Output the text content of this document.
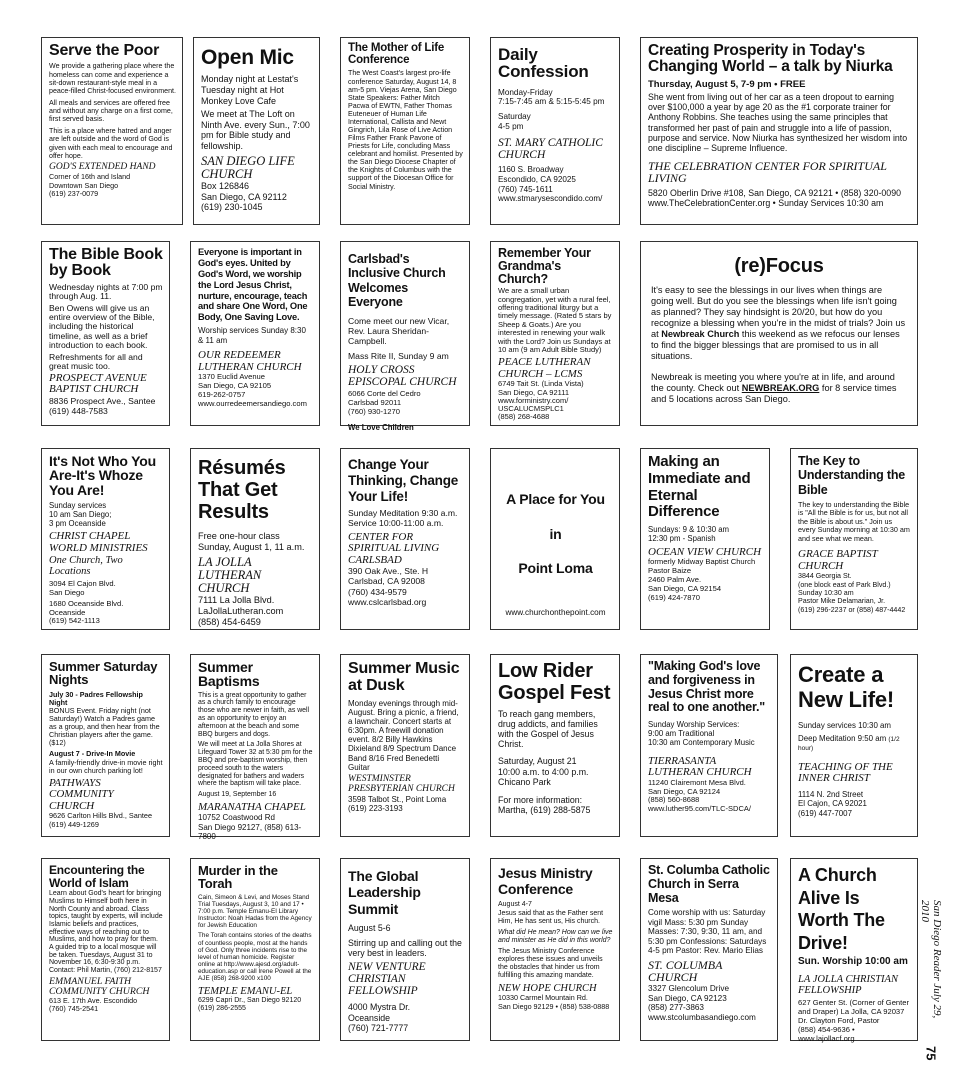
Serve the Poor

We provide a gathering place where the homeless can come and experience a sit-down restaurant-style meal in a peace-filled Christ-focused environment.

All meals and services are offered free and without any charge on a first come, first served basis.

This is a place where hatred and anger are left outside and the word of God is given with each meal to encourage and offer hope.

GOD'S EXTENDED HAND
Corner of 16th and Island
Downtown San Diego
(619) 237-0079
Open Mic

Monday night at Lestat's Tuesday night at Hot Monkey Love Cafe

We meet at The Loft on Ninth Ave. every Sun., 7:00 pm for Bible study and fellowship.

SAN DIEGO LIFE CHURCH
Box 126846
San Diego, CA 92112
(619) 230-1045
The Mother of Life Conference
The West Coast's largest pro-life conference Saturday, August 14, 8 am-5 pm. Viejas Arena, San Diego State Speakers: Father Mitch Pacwa of EWTN, Father Thomas Euteneuer of Human Life International, Callista and Newt Gingrich, Lila Rose of Live Action Films Father Frank Pavone of Priests for Life, concluding Mass celebrant and homilist. Presented by the San Diego Diocese Chapter of the Knights of Columbus with the support of the Diocesan Office for Social Ministry.
Daily Confession

Monday-Friday

7:15-7:45 am & 5:15-5:45 pm

Saturday

4-5 pm

ST. MARY CATHOLIC CHURCH
1160 S. Broadway
Escondido, CA 92025
(760) 745-1611
www.stmarysescondido.com/
Creating Prosperity in Today's Changing World – a talk by Niurka
Thursday, August 5, 7-9 pm • FREE
She went from living out of her car as a teen dropout to earning over $100,000 a year by age 20 as the #1 corporate trainer for Anthony Robbins. She teaches using the same principles that transformed her past of pain and struggle into a life of passion, purpose and service. Now Niurka has synthesized her wisdom into one discipline – Supreme Influence.
THE CELEBRATION CENTER FOR SPIRITUAL LIVING
5820 Oberlin Drive #108, San Diego, CA 92121 • (858) 320-0090
www.TheCelebrationCenter.org • Sunday Services 10:30 am
The Bible Book by Book

Wednesday nights at 7:00 pm through Aug. 11.

Ben Owens will give us an entire overview of the Bible, including the historical timeline, as well as a brief introduction to each book.

Refreshments for all and great music too.

PROSPECT AVENUE BAPTIST CHURCH
8836 Prospect Ave., Santee
(619) 448-7583
Everyone is important in God's eyes. United by God's Word, we worship the Lord Jesus Christ, nurture, encourage, teach and share One Word, One Body, One Saving Love.
Worship services Sunday 8:30 & 11 am
OUR REDEEMER LUTHERAN CHURCH
1370 Euclid Avenue
San Diego, CA 92105
619-262-0757
www.ourredeemersandiego.com
Carlsbad's Inclusive Church Welcomes Everyone

Come meet our new Vicar, Rev. Laura Sheridan-Campbell.

Mass Rite II, Sunday 9 am

HOLY CROSS EPISCOPAL CHURCH
6066 Corte del Cedro
Carlsbad 92011
(760) 930-1270
We Love Children
Remember Your Grandma's Church?
We are a small urban congregation, yet with a rural feel, offering traditional liturgy but a timely message. (Rated 5 stars by Sheep & Goats.) Are you interested in renewing your walk with the Lord? Join us Sundays at 10 am (9 am Adult Bible Study)
PEACE LUTHERAN CHURCH – LCMS
6749 Tait St. (Linda Vista)
San Diego, CA 92111
www.forministry.com/
USCALUCMSPLC1
(858) 268-4688
(re)Focus

It's easy to see the blessings in our lives when things are going well. But do you see the blessings when life isn't going as planned? They say hindsight is 20/20, but how do you recognize a blessing when you're in the midst of trials? Join us at Newbreak Church this weekend as we refocus our lenses to find the bigger blessings that are promised to us in all situations.

Newbreak is meeting you where you're at in life, and around the county. Check out NEWBREAK.ORG for 8 service times and 5 locations across San Diego.

It's Not Who You Are-It's Whoze You Are!

Sunday services

10 am San Diego;

3 pm Oceanside

CHRIST CHAPEL WORLD MINISTRIES
One Church, Two Locations
3094 El Cajon Blvd.
San Diego
1680 Oceanside Blvd.
Oceanside
(619) 542-1113
Résumés That Get Results

Free one-hour class

Sunday, August 1, 11 a.m.

LA JOLLA LUTHERAN CHURCH
7111 La Jolla Blvd.
LaJollaLutheran.com
(858) 454-6459
Change Your Thinking, Change Your Life!

Sunday Meditation 9:30 a.m.

Service 10:00-11:00 a.m.

CENTER FOR SPIRITUAL LIVING CARLSBAD
390 Oak Ave., Ste. H
Carlsbad, CA 92008
(760) 434-9579
www.cslcarlsbad.org
A Place for You
in
Point Loma
www.churchonthepoint.com
Making an Immediate and Eternal Difference

Sundays: 9 & 10:30 am

12:30 pm - Spanish

OCEAN VIEW CHURCH
formerly Midway Baptist Church
Pastor Baize
2460 Palm Ave.
San Diego, CA 92154
(619) 424-7870
The Key to Understanding the Bible
The key to understanding the Bible is "All the Bible is for us, but not all the Bible is about us." Join us every Sunday morning at 10:30 am and see what we mean.
GRACE BAPTIST CHURCH
3844 Georgia St.
(one block east of Park Blvd.)
Sunday 10:30 am
Pastor Mike Delamarian, Jr.
(619) 296-2237 or (858) 487-4442
Summer Saturday Nights
July 30 - Padres Fellowship Night

BONUS Event. Friday night (not Saturday!) Watch a Padres game as a group, and then hear from the Christian players after the game. ($12)

August 7 - Drive-In Movie

A family-friendly drive-in movie right in our own church parking lot!

PATHWAYS COMMUNITY CHURCH
9626 Carlton Hills Blvd., Santee
(619) 449-1269
Summer Baptisms

This is a great opportunity to gather as a church family to encourage those who are newer in faith, as well as an opportunity to enjoy an afternoon at the beach and some BBQ burgers and dogs.

We will meet at La Jolla Shores at Lifeguard Tower 32 at 5:30 pm for the BBQ and pre-baptism worship, then proceed south to the waters designated for bathers and waders where the baptism will take place.

August 19, September 16

MARANATHA CHAPEL
10752 Coastwood Rd
San Diego 92127, (858) 613-7800
Summer Music at Dusk
Monday evenings through mid-August. Bring a picnic, a friend, a lawnchair. Concert starts at 6:30pm. A freewill donation event. 8/2 Billy Hawkins Dixieland 8/9 Spectrum Dance Band 8/16 Fred Benedetti Guitar
WESTMINSTER PRESBYTERIAN CHURCH
3598 Talbot St., Point Loma
(619) 223-3193
Low Rider Gospel Fest

To reach gang members, drug addicts, and families with the Gospel of Jesus Christ.

Saturday, August 21

10:00 a.m. to 4:00 p.m.

Chicano Park

For more information:

Martha, (619) 288-5875

"Making God's love and forgiveness in Jesus Christ more real to one another."

Sunday Worship Services:

9:00 am Traditional

10:30 am Contemporary Music

TIERRASANTA LUTHERAN CHURCH
11240 Clairemont Mesa Blvd.
San Diego, CA 92124
(858) 560-8688
www.luther95.com/TLC-SDCA/
Create a New Life!

Sunday services 10:30 am

Deep Meditation 9:50 am (1/2 hour)

TEACHING OF THE INNER CHRIST
1114 N. 2nd Street
El Cajon, CA 92021
(619) 447-7007
Encountering the World of Islam
Learn about God's heart for bringing Muslims to Himself both here in North County and abroad. Class topics, taught by experts, will include Islamic beliefs and practices, effective ways of reaching out to Muslims, and how to pray for them. A guided trip to a local mosque will be taken. Tuesdays, August 31 to November 16, 6:30-9:30 p.m. Contact: Phil Martin, (760) 212-8157
EMMANUEL FAITH COMMUNITY CHURCH
613 E. 17th Ave. Escondido
(760) 745-2541
Murder in the Torah

Cain, Simeon & Levi, and Moses Stand Trial Tuesdays, August 3, 10 and 17 • 7:00 p.m. Temple Emanu-El Library Instructor: Noah Hadas from the Agency for Jewish Education

The Torah contains stories of the deaths of countless people, most at the hands of God. Only three incidents rise to the level of human homicide. Register online at http://www.ajesd.org/adult-education.asp or call Irene Powell at the AJE (858) 268-9200 x100

TEMPLE EMANU-EL
6299 Capri Dr., San Diego 92120
(619) 286-2555
The Global Leadership Summit

August 5-6

Stirring up and calling out the very best in leaders.

NEW VENTURE CHRISTIAN FELLOWSHIP
4000 Mystra Dr.
Oceanside
(760) 721-7777
Jesus Ministry Conference

August 4-7

Jesus said that as the Father sent Him, He has sent us, His church.

What did He mean? How can we live and minister as He did in this world?

The Jesus Ministry Conference explores these issues and unveils the obstacles that hinder us from fulfilling this amazing mandate.

NEW HOPE CHURCH
10330 Carmel Mountain Rd.
San Diego 92129 • (858) 538-0888
St. Columba Catholic Church in Serra Mesa
Come worship with us: Saturday vigil Mass: 5:30 pm Sunday Masses: 7:30, 9:30, 11 am, and 5:30 pm Confessions: Saturdays 4-5 pm Pastor: Rev. Mario Elias
ST. COLUMBA CHURCH
3327 Glencolum Drive
San Diego, CA 92123
(858) 277-3863
www.stcolumbasandiego.com
A Church Alive Is Worth The Drive!
Sun. Worship 10:00 am
LA JOLLA CHRISTIAN FELLOWSHIP
627 Genter St. (Corner of Genter and Draper) La Jolla, CA 92037
Dr. Clayton Ford, Pastor
(858) 454-9636 • www.lajollacf.org
San Diego Reader July 29, 2010
75
